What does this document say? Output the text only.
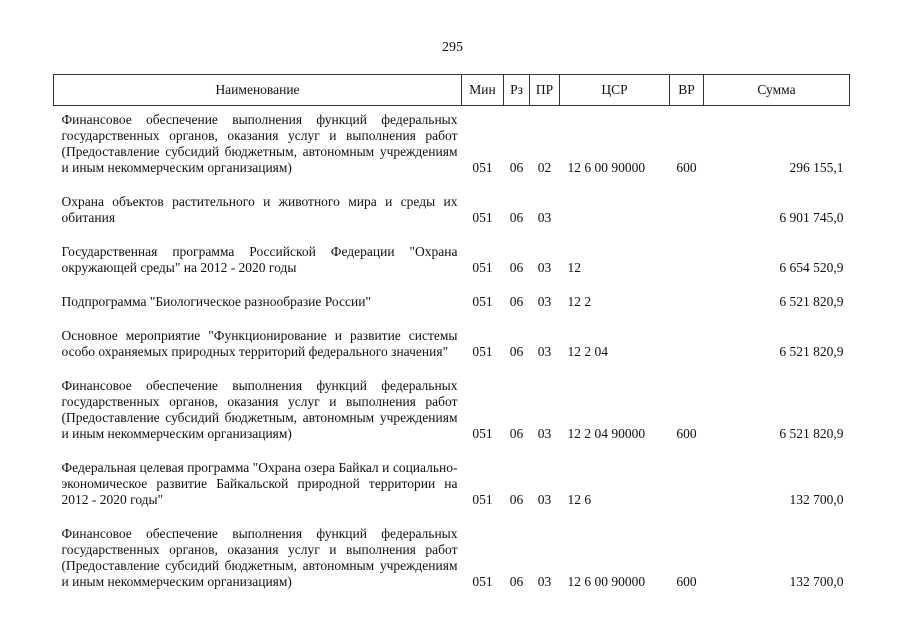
295
Наименование	Мин	Рз	ПР	ЦСР	ВР	Сумма
Финансовое обеспечение выполнения функций федеральных государственных органов, оказания услуг и выполнения работ (Предоставление субсидий бюджетным, автономным учреждениям и иным некоммерческим организациям)	051	06	02	12 6 00 90000	600	296 155,1
Охрана объектов растительного и животного мира и среды их обитания	051	06	03			6 901 745,0
Государственная программа Российской Федерации "Охрана окружающей среды" на 2012 - 2020 годы	051	06	03	12		6 654 520,9
Подпрограмма "Биологическое разнообразие России"	051	06	03	12 2		6 521 820,9
Основное мероприятие "Функционирование и развитие системы особо охраняемых природных территорий федерального значения"	051	06	03	12 2 04		6 521 820,9
Финансовое обеспечение выполнения функций федеральных государственных органов, оказания услуг и выполнения работ (Предоставление субсидий бюджетным, автономным учреждениям и иным некоммерческим организациям)	051	06	03	12 2 04 90000	600	6 521 820,9
Федеральная целевая программа "Охрана озера Байкал и социально-экономическое развитие Байкальской природной территории на 2012 - 2020 годы"	051	06	03	12 6		132 700,0
Финансовое обеспечение выполнения функций федеральных государственных органов, оказания услуг и выполнения работ (Предоставление субсидий бюджетным, автономным учреждениям и иным некоммерческим организациям)	051	06	03	12 6 00 90000	600	132 700,0
